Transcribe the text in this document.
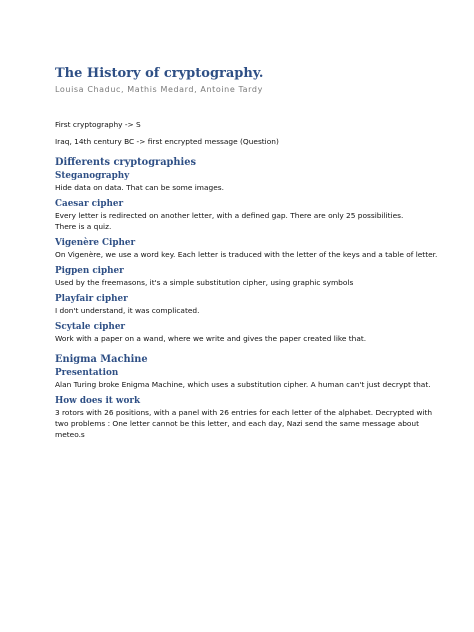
The History of cryptography.

Louisa Chaduc, Mathis Medard, Antoine Tardy

First cryptography -> S

Iraq, 14th century BC -> first encrypted message (Question)

Differents cryptographies
Steganography

Hide data on data. That can be some images.

Caesar cipher

Every letter is redirected on another letter, with a defined gap. There are only 25 possibilities.

There is a quiz.

Vigenère Cipher

On Vigenère, we use a word key. Each letter is traduced with the letter of the keys and a table of letter.

Pigpen cipher

Used by the freemasons, it's a simple substitution cipher, using graphic symbols

Playfair cipher

I don't understand, it was complicated.

Scytale cipher

Work with a paper on a wand, where we write and gives the paper created like that.

Enigma Machine
Presentation

Alan Turing broke Enigma Machine, which uses a substitution cipher. A human can't just decrypt that.

How does it work

3 rotors with 26 positions, with a panel with 26 entries for each letter of the alphabet. Decrypted with

two problems : One letter cannot be this letter, and each day, Nazi send the same message about

meteo.s
